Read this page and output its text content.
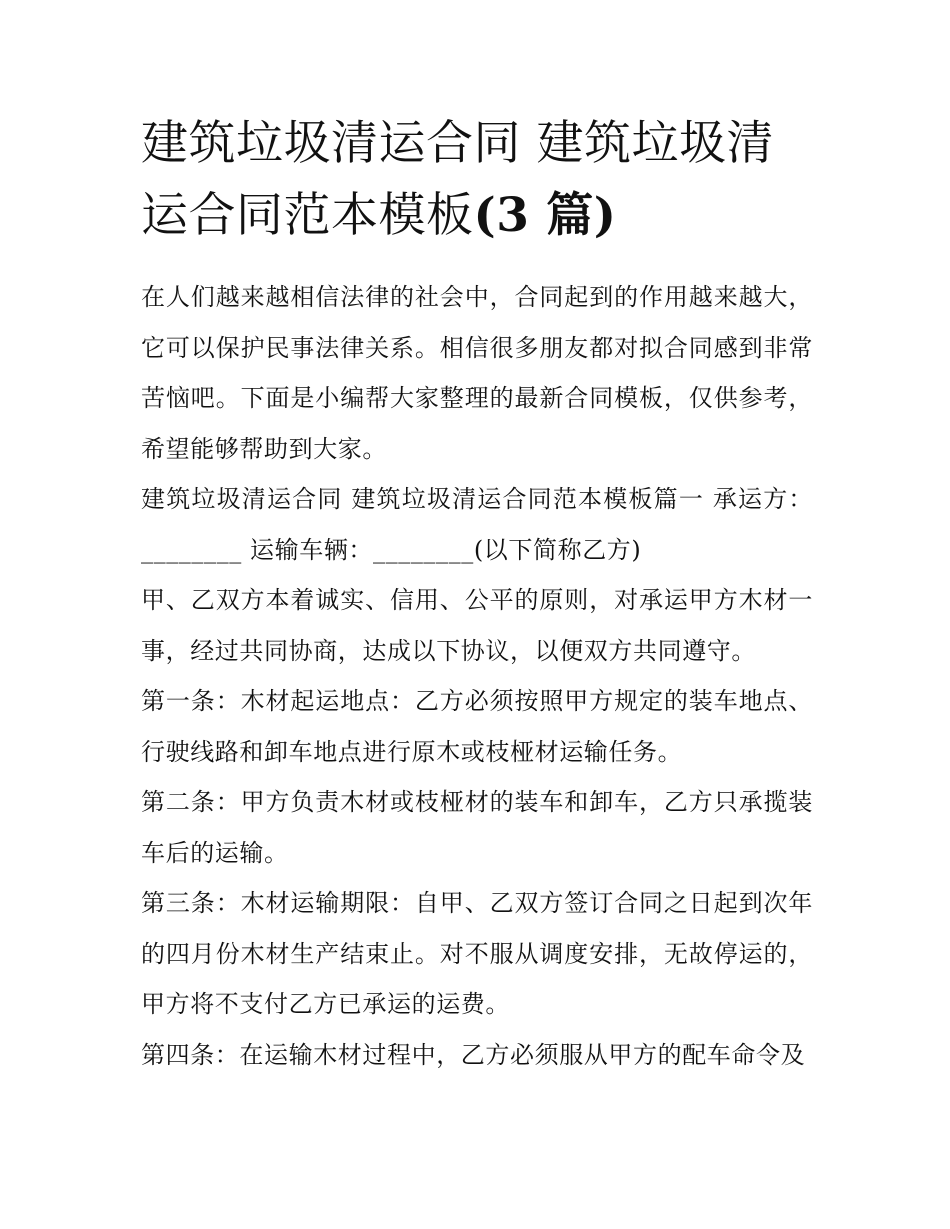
建筑垃圾清运合同 建筑垃圾清运合同范本模板(3 篇)

在人们越来越相信法律的社会中，合同起到的作用越来越大，它可以保护民事法律关系。相信很多朋友都对拟合同感到非常苦恼吧。下面是小编帮大家整理的最新合同模板，仅供参考，希望能够帮助到大家。

建筑垃圾清运合同 建筑垃圾清运合同范本模板篇一 承运方：________ 运输车辆：________(以下简称乙方)

甲、乙双方本着诚实、信用、公平的原则，对承运甲方木材一事，经过共同协商，达成以下协议，以便双方共同遵守。

第一条：木材起运地点：乙方必须按照甲方规定的装车地点、行驶线路和卸车地点进行原木或枝桠材运输任务。

第二条：甲方负责木材或枝桠材的装车和卸车，乙方只承揽装车后的运输。

第三条：木材运输期限：自甲、乙双方签订合同之日起到次年的四月份木材生产结束止。对不服从调度安排，无故停运的，甲方将不支付乙方已承运的运费。

第四条：在运输木材过程中，乙方必须服从甲方的配车命令及
